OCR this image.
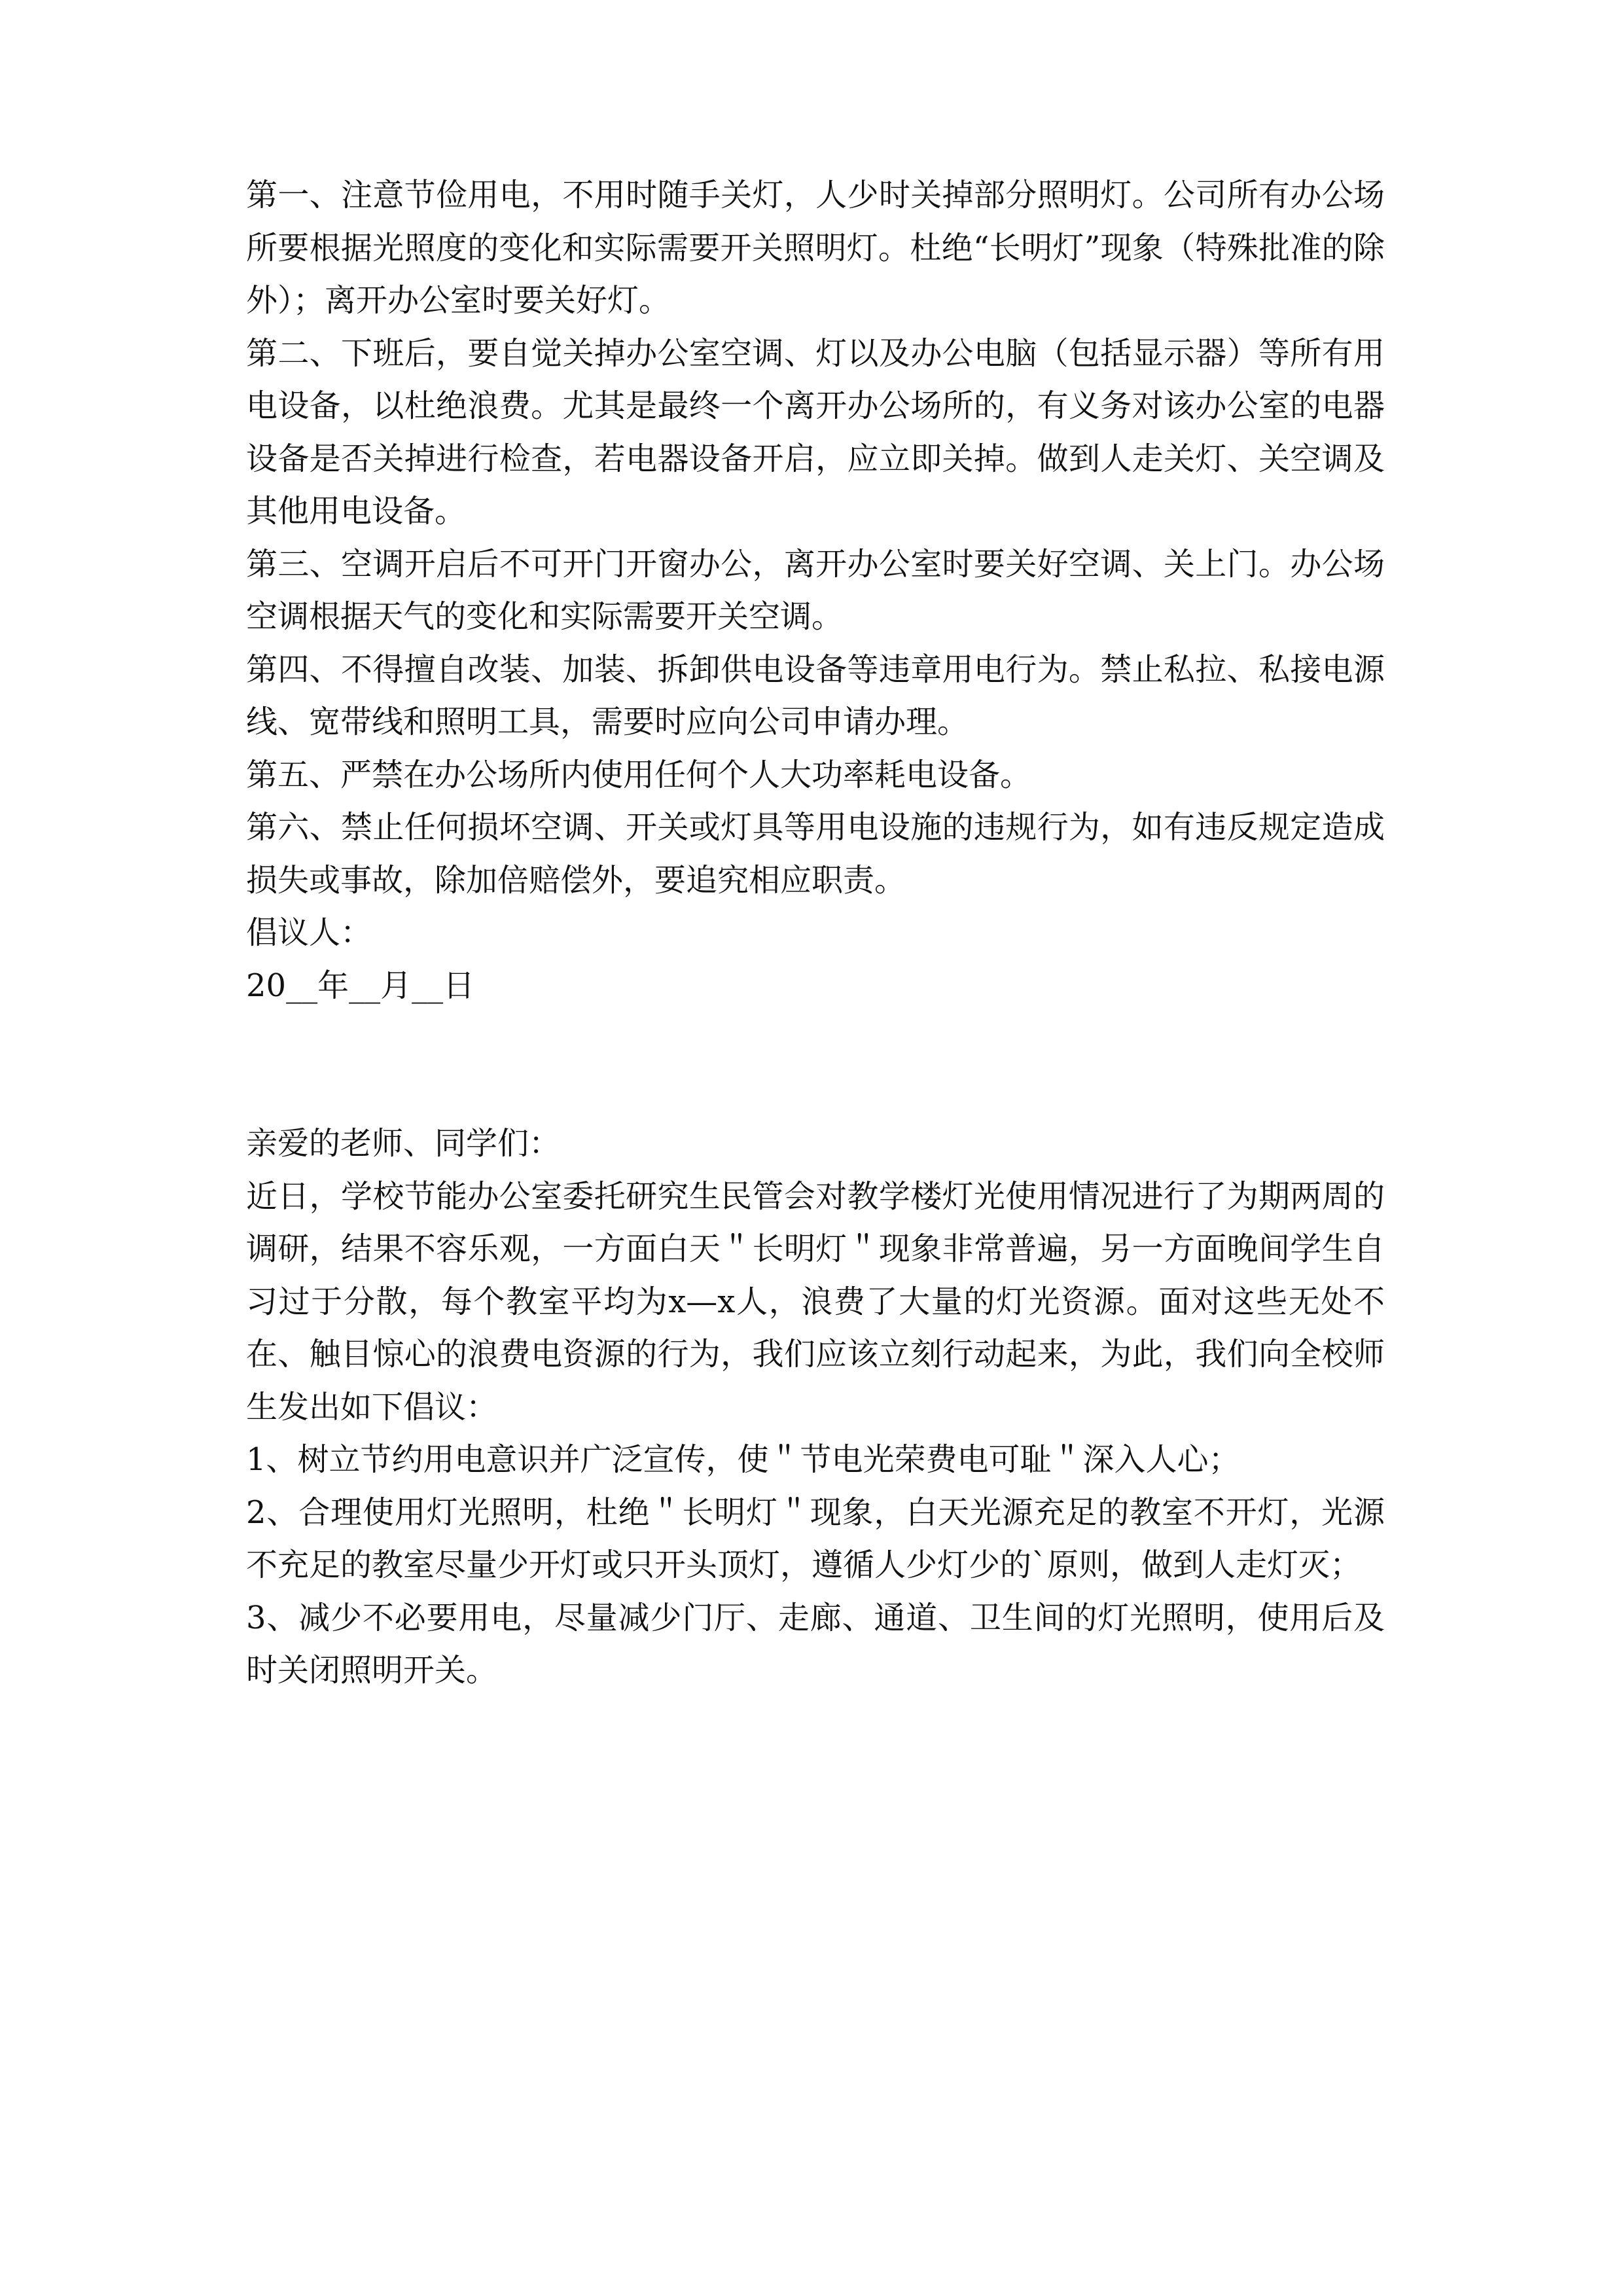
第一、注意节俭用电，不用时随手关灯，人少时关掉部分照明灯。公司所有办公场所要根据光照度的变化和实际需要开关照明灯。杜绝“长明灯”现象（特殊批准的除外）；离开办公室时要关好灯。

第二、下班后，要自觉关掉办公室空调、灯以及办公电脑（包括显示器）等所有用电设备，以杜绝浪费。尤其是最终一个离开办公场所的，有义务对该办公室的电器设备是否关掉进行检查，若电器设备开启，应立即关掉。做到人走关灯、关空调及其他用电设备。

第三、空调开启后不可开门开窗办公，离开办公室时要关好空调、关上门。办公场空调根据天气的变化和实际需要开关空调。

第四、不得擅自改装、加装、拆卸供电设备等违章用电行为。禁止私拉、私接电源线、宽带线和照明工具，需要时应向公司申请办理。

第五、严禁在办公场所内使用任何个人大功率耗电设备。

第六、禁止任何损坏空调、开关或灯具等用电设施的违规行为，如有违反规定造成损失或事故，除加倍赔偿外，要追究相应职责。

倡议人：

20__年__月__日

亲爱的老师、同学们：

近日，学校节能办公室委托研究生民管会对教学楼灯光使用情况进行了为期两周的调研，结果不容乐观，一方面白天＂长明灯＂现象非常普遍，另一方面晚间学生自习过于分散，每个教室平均为x—x人，浪费了大量的灯光资源。面对这些无处不在、触目惊心的浪费电资源的行为，我们应该立刻行动起来，为此，我们向全校师生发出如下倡议：

1、树立节约用电意识并广泛宣传，使＂节电光荣费电可耻＂深入人心；

2、合理使用灯光照明，杜绝＂长明灯＂现象，白天光源充足的教室不开灯，光源不充足的教室尽量少开灯或只开头顶灯，遵循人少灯少的`原则，做到人走灯灭；

3、减少不必要用电，尽量减少门厅、走廊、通道、卫生间的灯光照明，使用后及时关闭照明开关。
